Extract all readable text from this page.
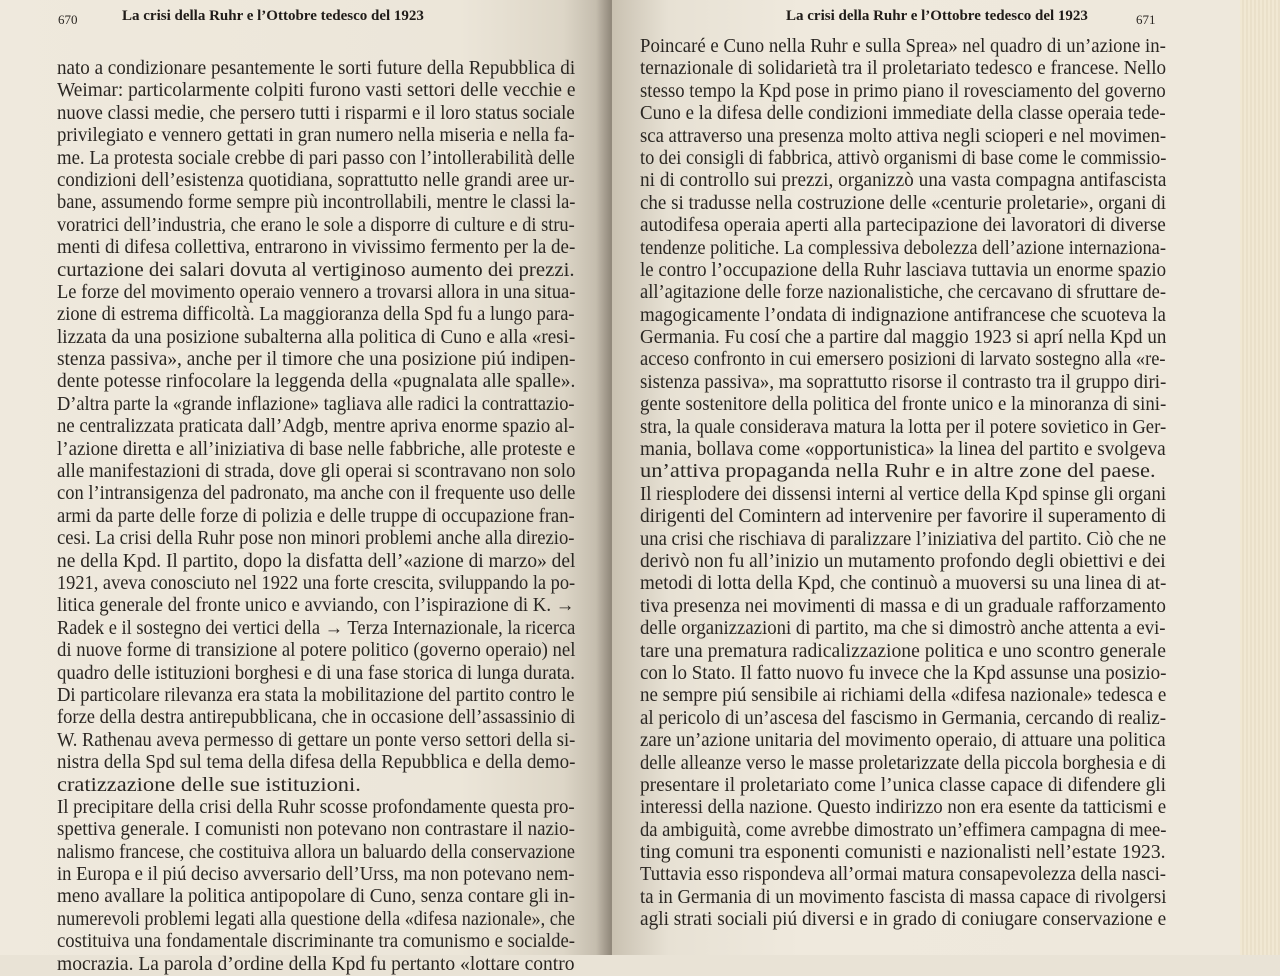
670	La crisi della Ruhr e l’Ottobre tedesco del 1923
nato a condizionare pesantemente le sorti future della Repubblica di
Weimar: particolarmente colpiti furono vasti settori delle vecchie e
nuove classi medie, che persero tutti i risparmi e il loro status sociale
privilegiato e vennero gettati in gran numero nella miseria e nella fa-
me. La protesta sociale crebbe di pari passo con l’intollerabilità delle
condizioni dell’esistenza quotidiana, soprattutto nelle grandi aree ur-
bane, assumendo forme sempre più incontrollabili, mentre le classi la-
voratrici dell’industria, che erano le sole a disporre di culture e di stru-
menti di difesa collettiva, entrarono in vivissimo fermento per la de-
curtazione dei salari dovuta al vertiginoso aumento dei prezzi.
Le forze del movimento operaio vennero a trovarsi allora in una situa-
zione di estrema difficoltà. La maggioranza della Spd fu a lungo para-
lizzata da una posizione subalterna alla politica di Cuno e alla «resi-
stenza passiva», anche per il timore che una posizione piú indipen-
dente potesse rinfocolare la leggenda della «pugnalata alle spalle».
D’altra parte la «grande inflazione» tagliava alle radici la contrattazio-
ne centralizzata praticata dall’Adgb, mentre apriva enorme spazio al-
l’azione diretta e all’iniziativa di base nelle fabbriche, alle proteste e
alle manifestazioni di strada, dove gli operai si scontravano non solo
con l’intransigenza del padronato, ma anche con il frequente uso delle
armi da parte delle forze di polizia e delle truppe di occupazione fran-
cesi. La crisi della Ruhr pose non minori problemi anche alla direzio-
ne della Kpd. Il partito, dopo la disfatta dell’«azione di marzo» del
1921, aveva conosciuto nel 1922 una forte crescita, sviluppando la po-
litica generale del fronte unico e avviando, con l’ispirazione di K. →
Radek e il sostegno dei vertici della → Terza Internazionale, la ricerca
di nuove forme di transizione al potere politico (governo operaio) nel
quadro delle istituzioni borghesi e di una fase storica di lunga durata.
Di particolare rilevanza era stata la mobilitazione del partito contro le
forze della destra antirepubblicana, che in occasione dell’assassinio di
W. Rathenau aveva permesso di gettare un ponte verso settori della si-
nistra della Spd sul tema della difesa della Repubblica e della demo-
cratizzazione delle sue istituzioni.
Il precipitare della crisi della Ruhr scosse profondamente questa pro-
spettiva generale. I comunisti non potevano non contrastare il nazio-
nalismo francese, che costituiva allora un baluardo della conservazione
in Europa e il piú deciso avversario dell’Urss, ma non potevano nem-
meno avallare la politica antipopolare di Cuno, senza contare gli in-
numerevoli problemi legati alla questione della «difesa nazionale», che
costituiva una fondamentale discriminante tra comunismo e socialde-
mocrazia. La parola d’ordine della Kpd fu pertanto «lottare contro
La crisi della Ruhr e l’Ottobre tedesco del 1923	671
Poincaré e Cuno nella Ruhr e sulla Sprea» nel quadro di un’azione in-
ternazionale di solidarietà tra il proletariato tedesco e francese. Nello
stesso tempo la Kpd pose in primo piano il rovesciamento del governo
Cuno e la difesa delle condizioni immediate della classe operaia tede-
sca attraverso una presenza molto attiva negli scioperi e nel movimen-
to dei consigli di fabbrica, attivò organismi di base come le commissio-
ni di controllo sui prezzi, organizzò una vasta compagna antifascista
che si tradusse nella costruzione delle «centurie proletarie», organi di
autodifesa operaia aperti alla partecipazione dei lavoratori di diverse
tendenze politiche. La complessiva debolezza dell’azione internaziona-
le contro l’occupazione della Ruhr lasciava tuttavia un enorme spazio
all’agitazione delle forze nazionalistiche, che cercavano di sfruttare de-
magogicamente l’ondata di indignazione antifrancese che scuoteva la
Germania. Fu cosí che a partire dal maggio 1923 si aprí nella Kpd un
acceso confronto in cui emersero posizioni di larvato sostegno alla «re-
sistenza passiva», ma soprattutto risorse il contrasto tra il gruppo diri-
gente sostenitore della politica del fronte unico e la minoranza di sini-
stra, la quale considerava matura la lotta per il potere sovietico in Ger-
mania, bollava come «opportunistica» la linea del partito e svolgeva
un’attiva propaganda nella Ruhr e in altre zone del paese.
Il riesplodere dei dissensi interni al vertice della Kpd spinse gli organi
dirigenti del Comintern ad intervenire per favorire il superamento di
una crisi che rischiava di paralizzare l’iniziativa del partito. Ciò che ne
derivò non fu all’inizio un mutamento profondo degli obiettivi e dei
metodi di lotta della Kpd, che continuò a muoversi su una linea di at-
tiva presenza nei movimenti di massa e di un graduale rafforzamento
delle organizzazioni di partito, ma che si dimostrò anche attenta a evi-
tare una prematura radicalizzazione politica e uno scontro generale
con lo Stato. Il fatto nuovo fu invece che la Kpd assunse una posizio-
ne sempre piú sensibile ai richiami della «difesa nazionale» tedesca e
al pericolo di un’ascesa del fascismo in Germania, cercando di realiz-
zare un’azione unitaria del movimento operaio, di attuare una politica
delle alleanze verso le masse proletarizzate della piccola borghesia e di
presentare il proletariato come l’unica classe capace di difendere gli
interessi della nazione. Questo indirizzo non era esente da tatticismi e
da ambiguità, come avrebbe dimostrato un’effimera campagna di mee-
ting comuni tra esponenti comunisti e nazionalisti nell’estate 1923.
Tuttavia esso rispondeva all’ormai matura consapevolezza della nasci-
ta in Germania di un movimento fascista di massa capace di rivolgersi
agli strati sociali piú diversi e in grado di coniugare conservazione e
